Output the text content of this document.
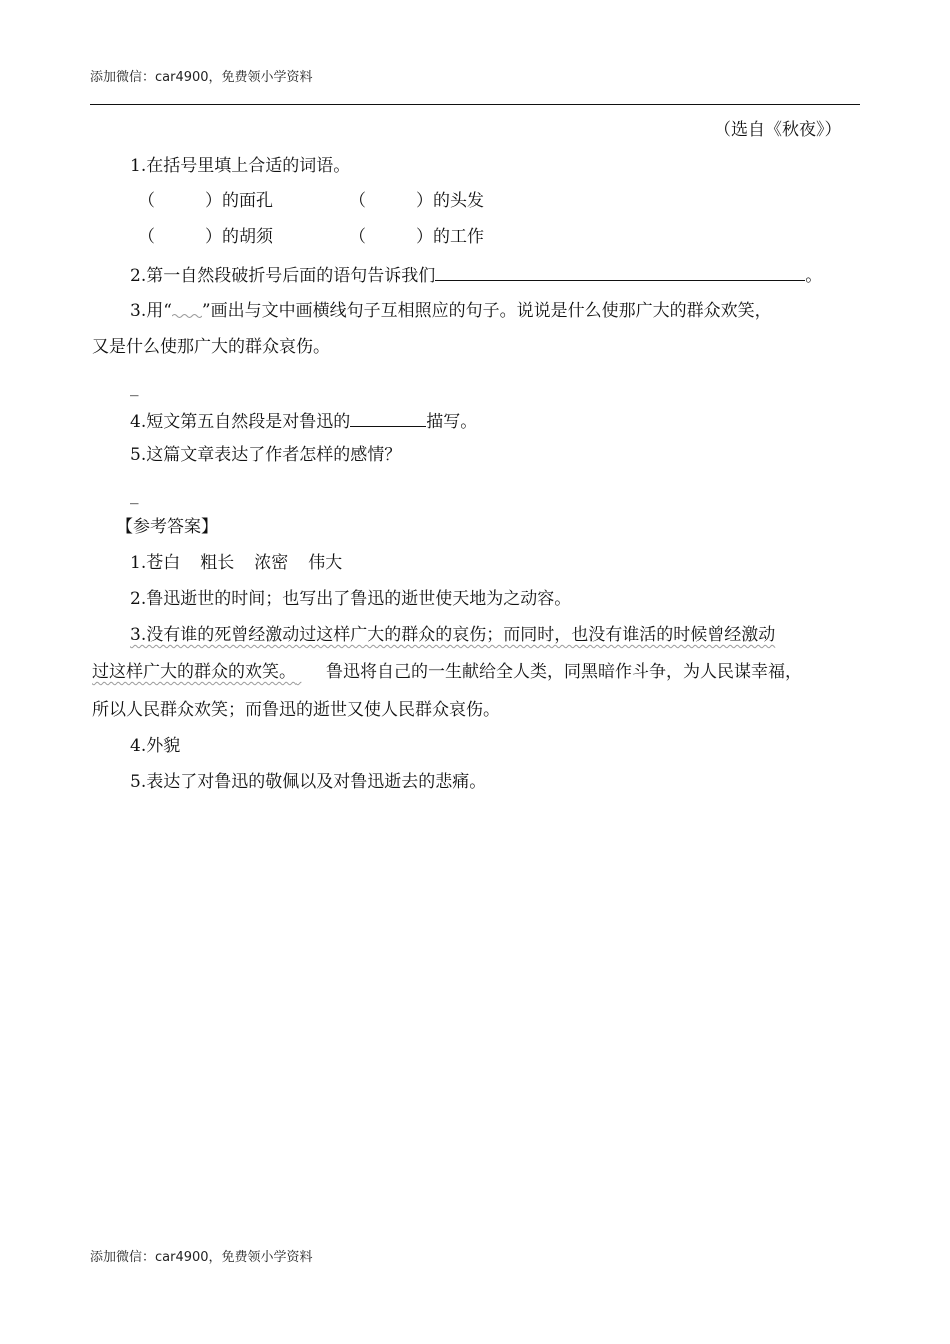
添加微信：car4900，免费领小学资料
（选自《秋夜》）
1.在括号里填上合适的词语。
（	）的面孔	（	）的头发
（	）的胡须	（	）的工作
2.第一自然段破折号后面的语句告诉我们	。
3.用“ ”画出与文中画横线句子互相照应的句子。说说是什么使那广大的群众欢笑，
又是什么使那广大的群众哀伤。
_
4.短文第五自然段是对鲁迅的	描写。
5.这篇文章表达了作者怎样的感情？
_
【参考答案】
1.苍白 粗长 浓密 伟大
2.鲁迅逝世的时间；也写出了鲁迅的逝世使天地为之动容。
3.没有谁的死曾经激动过这样广大的群众的哀伤；而同时，也没有谁活的时候曾经激动
过这样广大的群众的欢笑。 鲁迅将自己的一生献给全人类，同黑暗作斗争，为人民谋幸福，
所以人民群众欢笑；而鲁迅的逝世又使人民群众哀伤。
4.外貌
5.表达了对鲁迅的敬佩以及对鲁迅逝去的悲痛。
添加微信：car4900，免费领小学资料
